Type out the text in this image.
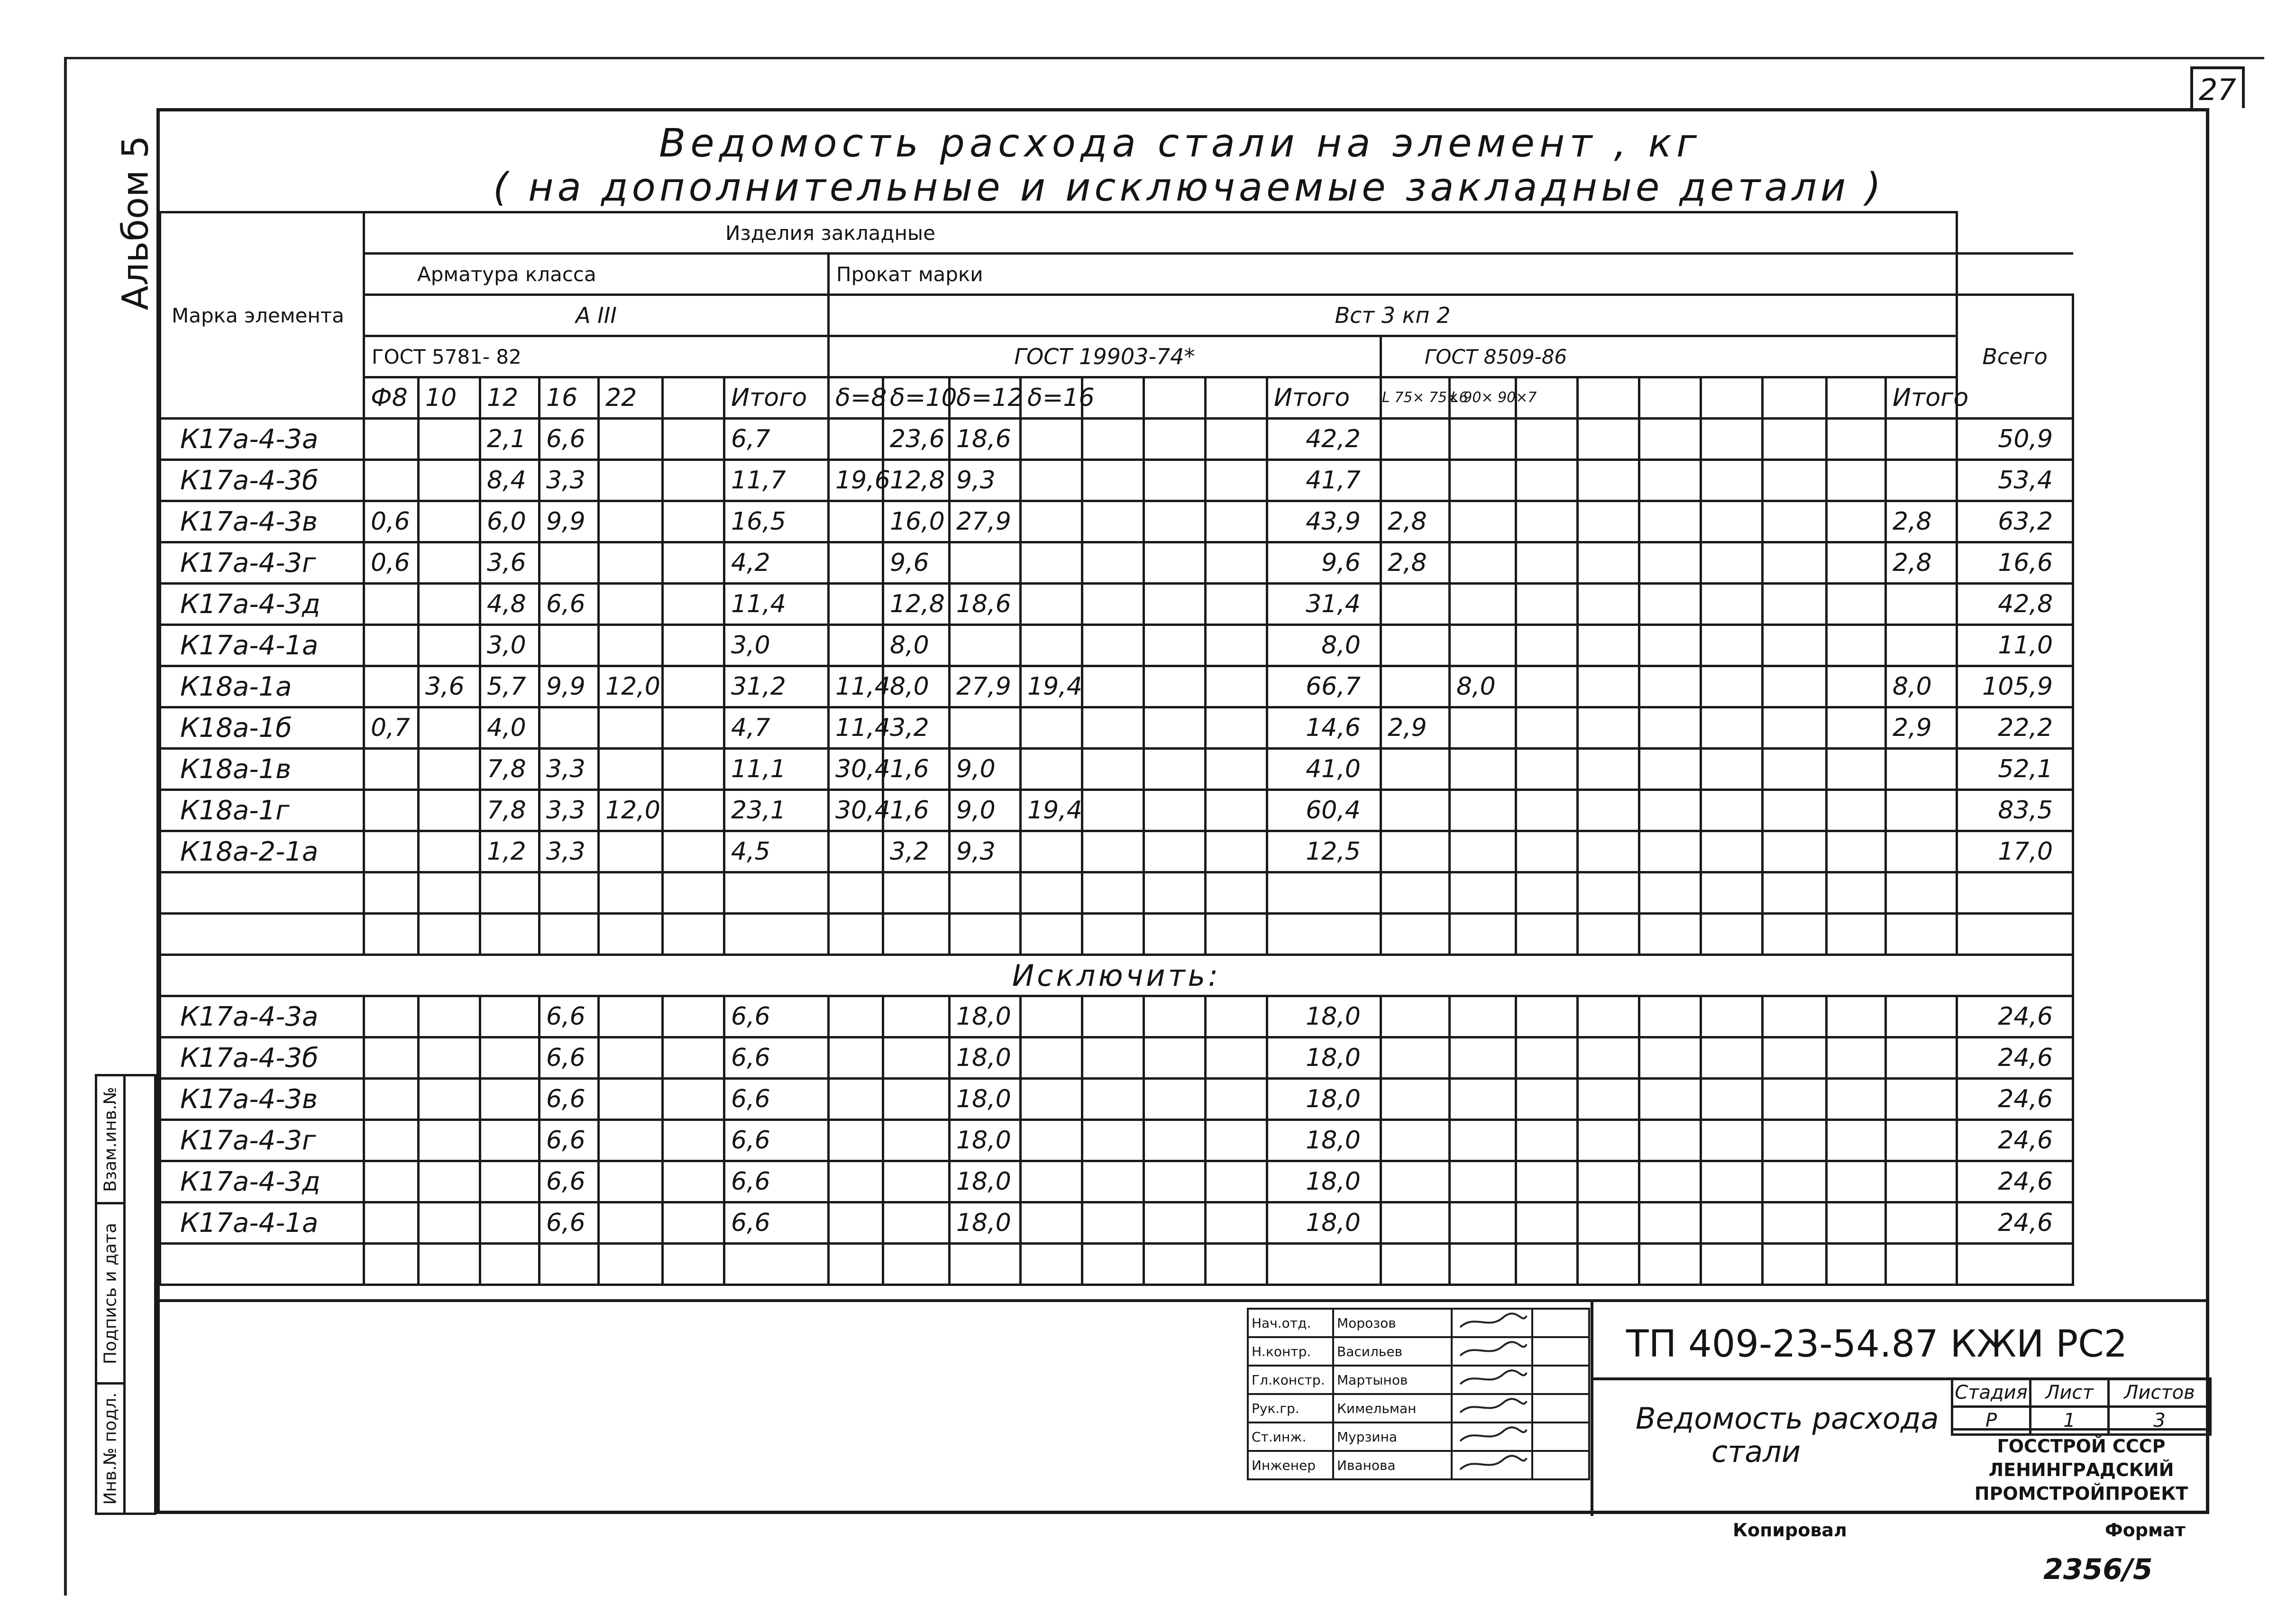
27
Альбом 5	Ведомость расхода стали на элемент , кг
( на дополнительные и исключаемые закладные детали )
Марка элемента	Изделия закладные																								
	Арматура класса							Прокат марки																	
	А ІІІ							Вст 3 кп 2																	Всего
	ГОСТ 5781- 82							ГОСТ 19903-74*								ГОСТ 8509-86									
	Ф8	10	12	16	22		Итого	δ=8	δ=10	δ=12	δ=16				Итого	L 75× 75×6	L 90× 90×7							Итого	
К17а-4-3а			2,1	6,6			6,7		23,6	18,6					42,2										50,9
К17а-4-3б			8,4	3,3			11,7	19,6	12,8	9,3					41,7										53,4
К17а-4-3в	0,6		6,0	9,9			16,5		16,0	27,9					43,9	2,8								2,8	63,2
К17а-4-3г	0,6		3,6				4,2		9,6						9,6	2,8								2,8	16,6
К17а-4-3д			4,8	6,6			11,4		12,8	18,6					31,4										42,8
К17а-4-1а			3,0				3,0		8,0						8,0										11,0
К18а-1а		3,6	5,7	9,9	12,0		31,2	11,4	8,0	27,9	19,4				66,7		8,0							8,0	105,9
К18а-1б	0,7		4,0				4,7	11,4	3,2						14,6	2,9								2,9	22,2
К18а-1в			7,8	3,3			11,1	30,4	1,6	9,0					41,0										52,1
К18а-1г			7,8	3,3	12,0		23,1	30,4	1,6	9,0	19,4				60,4										83,5
К18а-2-1а			1,2	3,3			4,5		3,2	9,3					12,5										17,0

Исключить:																									
К17а-4-3а				6,6			6,6			18,0					18,0										24,6
К17а-4-3б				6,6			6,6			18,0					18,0										24,6
К17а-4-3в				6,6			6,6			18,0					18,0										24,6
К17а-4-3г				6,6			6,6			18,0					18,0										24,6
К17а-4-3д				6,6			6,6			18,0					18,0										24,6
К17а-4-1а				6,6			6,6			18,0					18,0										24,6

Взам.инв.№
Подпись и дата
Инв.№ подл.
Нач.отд.	Морозов		
Н.контр.	Васильев		
Гл.констр.	Мартынов		
Рук.гр.	Кимельман		
Ст.инж.	Мурзина		
Инженер	Иванова		
ТП 409-23-54.87 КЖИ РС2
Ведомость расхода
стали
Стадия	Лист	Листов
Р	1	3
ГОССТРОЙ СССР
ЛЕНИНГРАДСКИЙ
ПРОМСТРОЙПРОЕКТ
Копировал	Формат
2356/5
